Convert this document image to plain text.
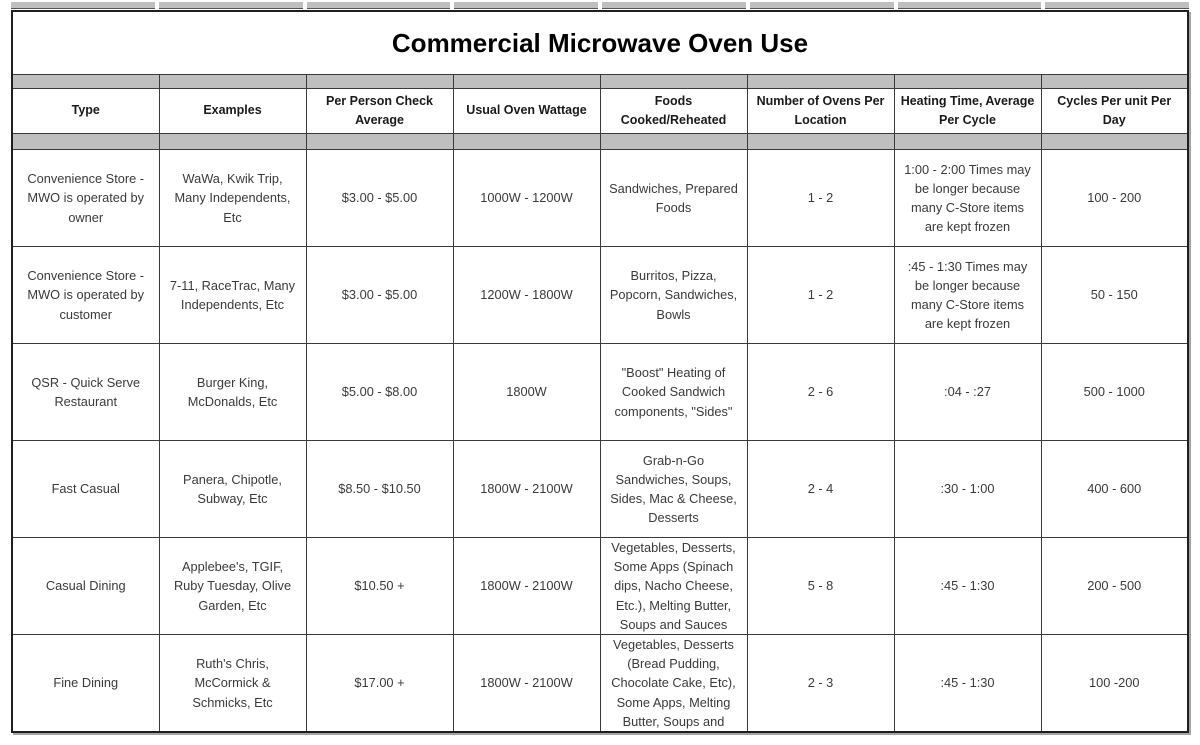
Commercial Microwave Oven Use							

Type	Examples	Per Person Check Average	Usual Oven Wattage	Foods Cooked/Reheated	Number of Ovens Per Location	Heating Time, Average Per Cycle	Cycles Per unit Per Day

Convenience Store - MWO is operated by owner	WaWa, Kwik Trip, Many Independents, Etc	$3.00 - $5.00	1000W - 1200W	Sandwiches, Prepared Foods	1 - 2	1:00 - 2:00 Times may be longer because many C-Store items are kept frozen	100 - 200
Convenience Store - MWO is operated by customer	7-11, RaceTrac, Many Independents, Etc	$3.00 - $5.00	1200W - 1800W	Burritos, Pizza, Popcorn, Sandwiches, Bowls	1 - 2	:45 - 1:30 Times may be longer because many C-Store items are kept frozen	50 - 150
QSR - Quick Serve Restaurant	Burger King, McDonalds, Etc	$5.00 - $8.00	1800W	"Boost" Heating of Cooked Sandwich components, "Sides"	2 - 6	:04 - :27	500 - 1000
Fast Casual	Panera, Chipotle, Subway, Etc	$8.50 - $10.50	1800W - 2100W	Grab-n-Go Sandwiches, Soups, Sides, Mac & Cheese, Desserts	2 - 4	:30 - 1:00	400 - 600
Casual Dining	Applebee's, TGIF, Ruby Tuesday, Olive Garden, Etc	$10.50 +	1800W - 2100W	Vegetables, Desserts, Some Apps (Spinach dips, Nacho Cheese, Etc.), Melting Butter, Soups and Sauces	5 - 8	:45 - 1:30	200 - 500
Fine Dining	Ruth's Chris, McCormick & Schmicks, Etc	$17.00 +	1800W - 2100W	Vegetables, Desserts (Bread Pudding, Chocolate Cake, Etc), Some Apps, Melting Butter, Soups and	2 - 3	:45 - 1:30	100 -200
